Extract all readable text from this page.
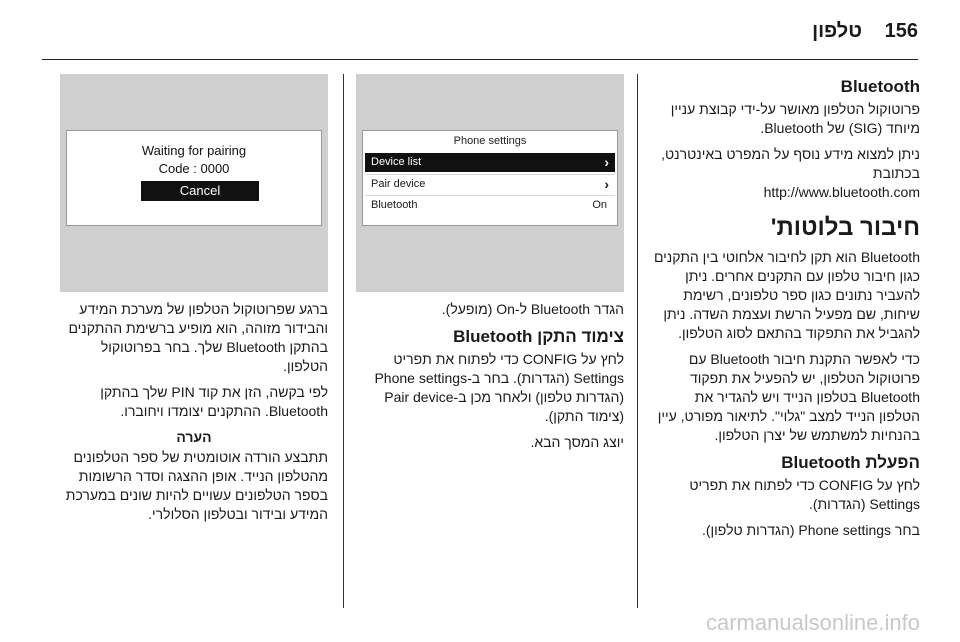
156
טלפון
Bluetooth

פרוטוקול הטלפון מאושר על-ידי קבוצת עניין מיוחד (SIG) של Bluetooth.

ניתן למצוא מידע נוסף על המפרט באינטרנט, בכתובת

http://www.bluetooth.com

חיבור בלוטות'

Bluetooth הוא תקן לחיבור אלחוטי בין התקנים כגון חיבור טלפון עם התקנים אחרים. ניתן להעביר נתונים כגון ספר טלפונים, רשימת שיחות, שם מפעיל הרשת ועצמת השדה. ניתן להגביל את התפקוד בהתאם לסוג הטלפון.

כדי לאפשר התקנת חיבור Bluetooth עם פרוטוקול הטלפון, יש להפעיל את תפקוד Bluetooth בטלפון הנייד ויש להגדיר את הטלפון הנייד למצב "גלוי". לתיאור מפורט, עיין בהנחיות למשתמש של יצרן הטלפון.

הפעלת Bluetooth

לחץ על CONFIG כדי לפתוח את תפריט Settings (הגדרות).

בחר Phone settings (הגדרות טלפון).

Phone settings
Device list	›
Pair device	›
Bluetooth	On

הגדר Bluetooth ל-On (מופעל).

צימוד התקן Bluetooth

לחץ על CONFIG כדי לפתוח את תפריט Settings (הגדרות). בחר ב-Phone settings (הגדרות טלפון) ולאחר מכן ב-Pair device (צימוד התקן).

יוצג המסך הבא.

Waiting for pairing
Code : 0000
Cancel

ברגע שפרוטוקול הטלפון של מערכת המידע והבידור מזוהה, הוא מופיע ברשימת ההתקנים בהתקן Bluetooth שלך. בחר בפרוטוקול הטלפון.

לפי בקשה, הזן את קוד PIN שלך בהתקן Bluetooth. ההתקנים יצומדו ויחוברו.

הערה

תתבצע הורדה אוטומטית של ספר הטלפונים מהטלפון הנייד. אופן ההצגה וסדר הרשומות בספר הטלפונים עשויים להיות שונים במערכת המידע ובידור ובטלפון הסלולרי.

carmanualsonline.info
